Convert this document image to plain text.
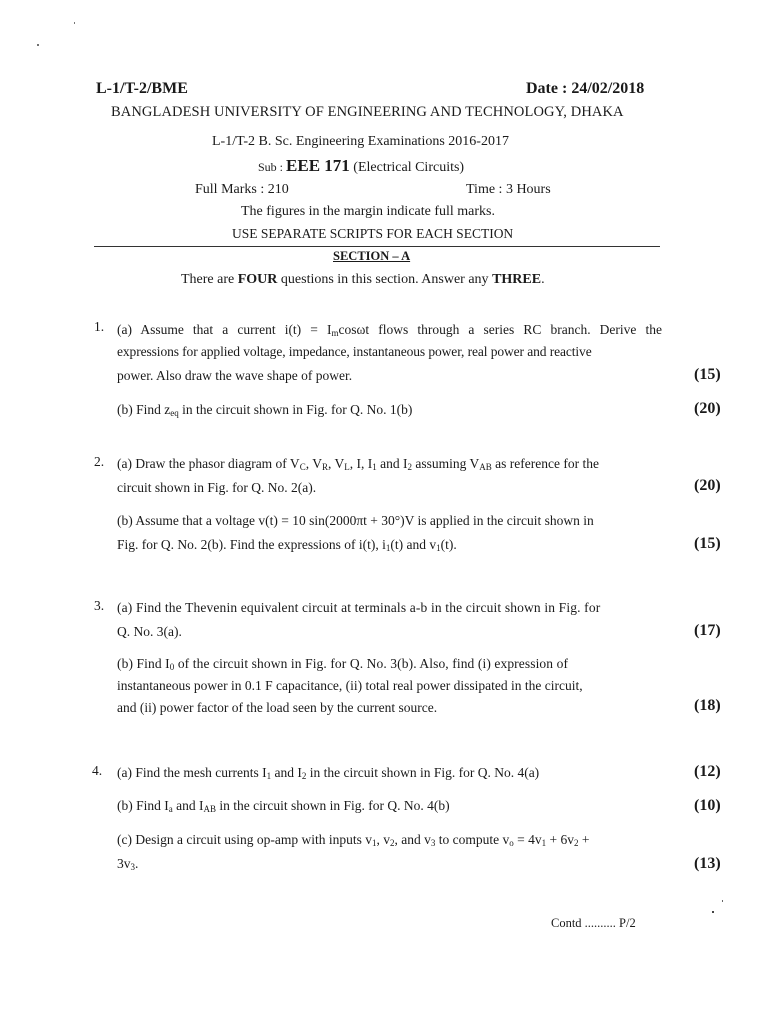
L-1/T-2/BME	Date : 24/02/2018
BANGLADESH UNIVERSITY OF ENGINEERING AND TECHNOLOGY, DHAKA
L-1/T-2 B. Sc. Engineering Examinations 2016-2017
Sub : EEE 171 (Electrical Circuits)
Full Marks : 210	Time : 3 Hours
The figures in the margin indicate full marks.
USE SEPARATE SCRIPTS FOR EACH SECTION
SECTION – A
There are FOUR questions in this section. Answer any THREE.
1. (a) Assume that a current $i(t) = I_m\cos\omega t$ flows through a series RC branch. Derive the
expressions for applied voltage, impedance, instantaneous power, real power and reactive
power. Also draw the wave shape of power.	(15)
(b) Find $z_{eq}$ in the circuit shown in Fig. for Q. No. 1(b)	(20)
2. (a) Draw the phasor diagram of $V_C$, $V_R$, $V_L$, I, $I_1$ and $I_2$ assuming $V_{AB}$ as reference for the
circuit shown in Fig. for Q. No. 2(a).	(20)
(b) Assume that a voltage v(t) = 10 sin(2000πt + 30°)V is applied in the circuit shown in
Fig. for Q. No. 2(b). Find the expressions of i(t), $i_1(t)$ and $v_1(t)$.	(15)
3. (a) Find the Thevenin equivalent circuit at terminals a-b in the circuit shown in Fig. for
Q. No. 3(a).	(17)
(b) Find $I_0$ of the circuit shown in Fig. for Q. No. 3(b). Also, find (i) expression of
instantaneous power in 0.1 F capacitance, (ii) total real power dissipated in the circuit,
and (ii) power factor of the load seen by the current source.	(18)
4. (a) Find the mesh currents $I_1$ and $I_2$ in the circuit shown in Fig. for Q. No. 4(a)	(12)
(b) Find $I_a$ and $I_{AB}$ in the circuit shown in Fig. for Q. No. 4(b)	(10)
(c) Design a circuit using op-amp with inputs $v_1$, $v_2$, and $v_3$ to compute $v_o = 4v_1 + 6v_2$ +
$3v_3$.	(13)
Contd .......... P/2
